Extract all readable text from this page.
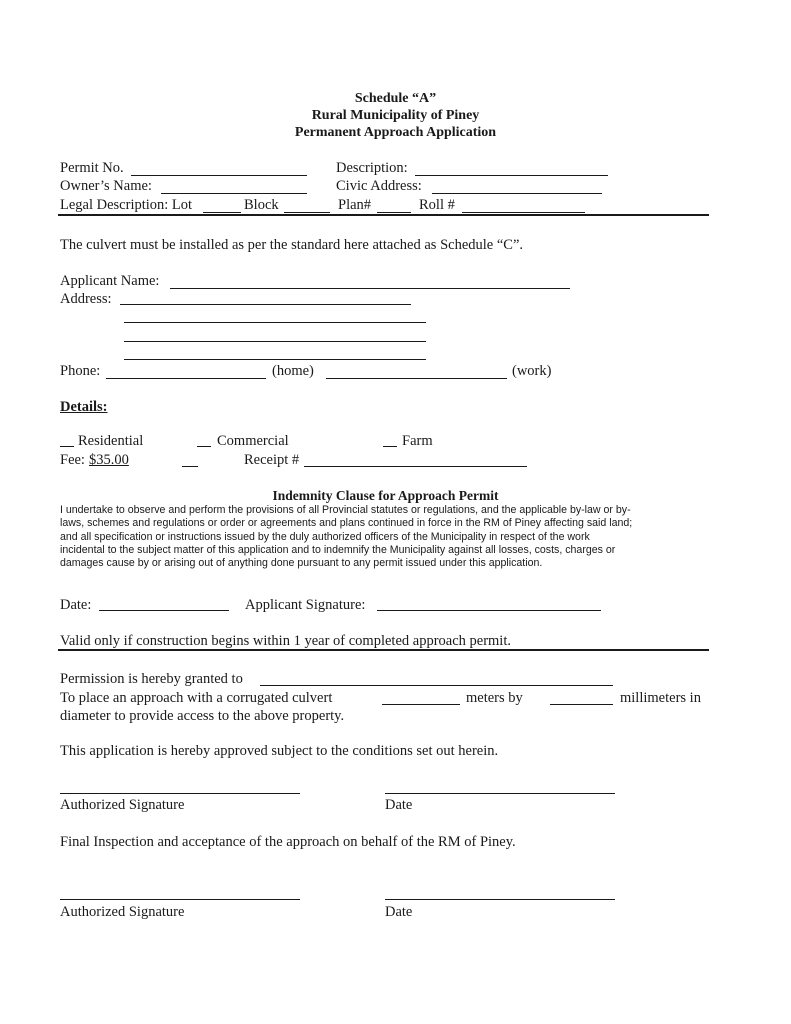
Schedule “A”
Rural Municipality of Piney
Permanent Approach Application
Permit No.	Description:
Owner’s Name:	Civic Address:
Legal Description: Lot	Block	Plan#	Roll #
The culvert must be installed as per the standard here attached as Schedule “C”.
Applicant Name:
Address:
Phone:	(home)	(work)
Details:
Residential	Commercial	Farm
Fee: $35.00	Receipt #
Indemnity Clause for Approach Permit
I undertake to observe and perform the provisions of all Provincial statutes or regulations, and the applicable by-law or by-
laws, schemes and regulations or order or agreements and plans continued in force in the RM of Piney affecting said land;
and all specification or instructions issued by the duly authorized officers of the Municipality in respect of the work
incidental to the subject matter of this application and to indemnify the Municipality against all losses, costs, charges or
damages cause by or arising out of anything done pursuant to any permit issued under this application.
Date:	Applicant Signature:
Valid only if construction begins within 1 year of completed approach permit.
Permission is hereby granted to
To place an approach with a corrugated culvert	meters by	millimeters in
diameter to provide access to the above property.
This application is hereby approved subject to the conditions set out herein.
Authorized Signature	Date
Final Inspection and acceptance of the approach on behalf of the RM of Piney.
Authorized Signature	Date
